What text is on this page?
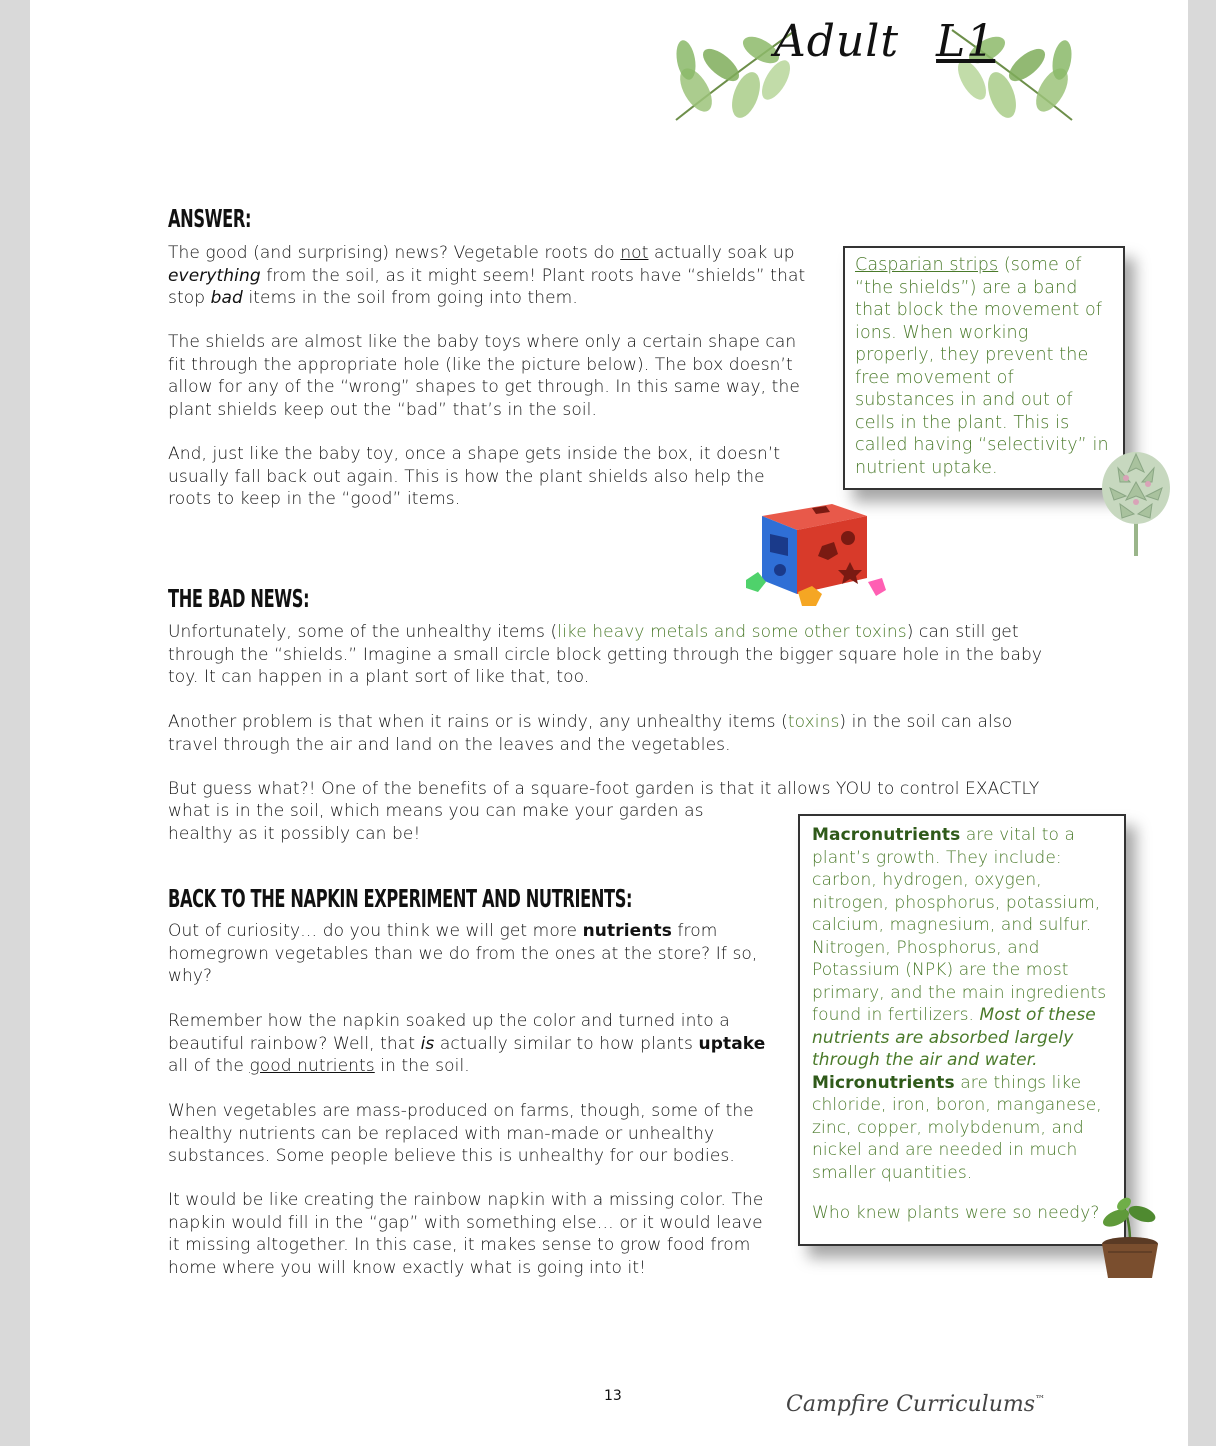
Adult L1
ANSWER:

The good (and surprising) news? Vegetable roots do not actually soak up everything from the soil, as it might seem! Plant roots have “shields” that stop bad items in the soil from going into them.

The shields are almost like the baby toys where only a certain shape can fit through the appropriate hole (like the picture below). The box doesn’t allow for any of the “wrong” shapes to get through. In this same way, the plant shields keep out the “bad” that’s in the soil.

And, just like the baby toy, once a shape gets inside the box, it doesn’t usually fall back out again. This is how the plant shields also help the roots to keep in the “good” items.

Casparian strips (some of “the shields”) are a band that block the movement of ions. When working properly, they prevent the free movement of substances in and out of cells in the plant. This is called having “selectivity” in nutrient uptake.

THE BAD NEWS:

Unfortunately, some of the unhealthy items (like heavy metals and some other toxins) can still get through the “shields.” Imagine a small circle block getting through the bigger square hole in the baby toy. It can happen in a plant sort of like that, too.

Another problem is that when it rains or is windy, any unhealthy items (toxins) in the soil can also travel through the air and land on the leaves and the vegetables.

But guess what?! One of the benefits of a square-foot garden is that it allows YOU to control EXACTLY

what is in the soil, which means you can make your garden as healthy as it possibly can be!

BACK TO THE NAPKIN EXPERIMENT AND NUTRIENTS:

Out of curiosity… do you think we will get more nutrients from homegrown vegetables than we do from the ones at the store? If so, why?

Remember how the napkin soaked up the color and turned into a beautiful rainbow? Well, that is actually similar to how plants uptake all of the good nutrients in the soil.

When vegetables are mass-produced on farms, though, some of the healthy nutrients can be replaced with man-made or unhealthy substances. Some people believe this is unhealthy for our bodies.

It would be like creating the rainbow napkin with a missing color. The napkin would fill in the “gap” with something else… or it would leave it missing altogether. In this case, it makes sense to grow food from home where you will know exactly what is going into it!

Macronutrients are vital to a plant’s growth. They include: carbon, hydrogen, oxygen, nitrogen, phosphorus, potassium, calcium, magnesium, and sulfur. Nitrogen, Phosphorus, and Potassium (NPK) are the most primary, and the main ingredients found in fertilizers. Most of these nutrients are absorbed largely through the air and water.

Micronutrients are things like chloride, iron, boron, manganese, zinc, copper, molybdenum, and nickel and are needed in much smaller quantities.

Who knew plants were so needy?

13	Campfire Curriculums™
